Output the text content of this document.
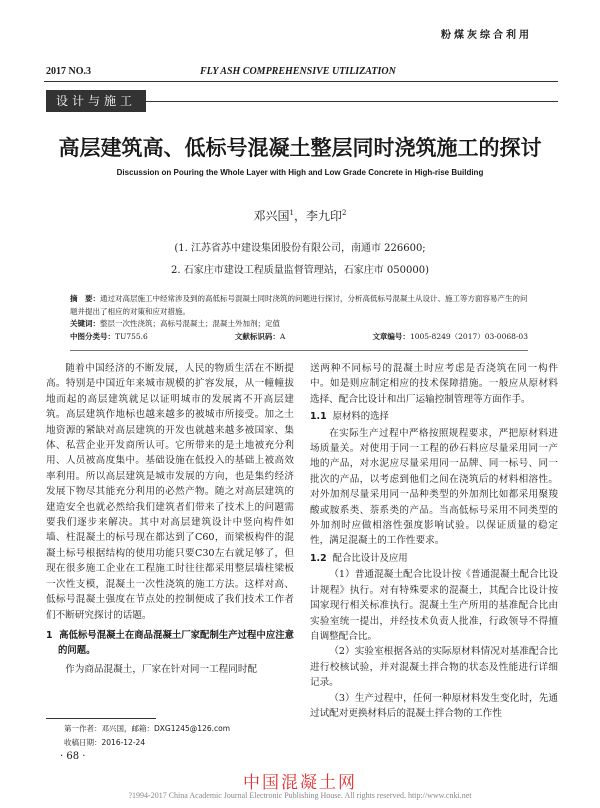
粉煤灰综合利用
2017 NO.3	FLY ASH COMPREHENSIVE UTILIZATION
设计与施工
高层建筑高、低标号混凝土整层同时浇筑施工的探讨
Discussion on Pouring the Whole Layer with High and Low Grade Concrete in High-rise Building
邓兴国$^1$，李九印$^2$
(1. 江苏省苏中建设集团股份有限公司，南通市 226600;
2. 石家庄市建设工程质量监督管理站，石家庄市 050000)
摘　要：通过对高层施工中经常涉及到的高低标号混凝土同时浇筑的问题进行探讨，分析高低标号混凝土从设计、施工等方面容易产生的问题并提出了相应的对策和应对措施。
关键词：整层一次性浇筑；高标号混凝土；混凝土外加剂；定值
中图分类号：TU755.6	文献标识码：A	文章编号：1005-8249（2017）03-0068-03

随着中国经济的不断发展，人民的物质生活在不断提高。特别是中国近年来城市规模的扩容发展，从一幢幢拔地而起的高层建筑就足以证明城市的发展离不开高层建筑。高层建筑作地标也越来越多的被城市所接受。加之土地资源的紧缺对高层建筑的开发也就越来越多被国家、集体、私营企业开发商所认可。它所带来的是土地被充分利用、人员被高度集中。基础设施在低投入的基础上被高效率利用。所以高层建筑是城市发展的方向，也是集约经济发展下物尽其能充分利用的必然产物。随之对高层建筑的建造安全也就必然给我们建筑者们带来了技术上的问题需要我们逐步来解决。其中对高层建筑设计中竖向构件如墙、柱混凝土的标号现在都达到了C60，而梁板构件的混凝土标号根据结构的使用功能只要C30左右就足够了，但现在很多施工企业在工程施工时往往都采用整层墙柱梁板一次性支模，混凝土一次性浇筑的施工方法。这样对高、低标号混凝土强度在节点处的控制便成了我们技术工作者们不断研究探讨的话题。

1 高低标号混凝土在商品混凝土厂家配制生产过程中应注意的问题。

作为商品混凝土，厂家在针对同一工程同时配

送两种不同标号的混凝土时应考虑是否浇筑在同一构件中。如是则应制定相应的技术保障措施。一般应从原材料选择、配合比设计和出厂运输控制管理等方面作手。

1.1 原材料的选择

在实际生产过程中严格按照规程要求，严把原材料进场质量关。对使用于同一工程的砂石料应尽量采用同一产地的产品，对水泥应尽量采用同一品牌、同一标号、同一批次的产品，以考虑到他们之间在浇筑后的材料相溶性。对外加剂尽量采用同一品种类型的外加剂比如都采用聚羧酸或胺系类、萘系类的产品。当高低标号采用不同类型的外加剂时应做相溶性强度影响试验。以保证质量的稳定性，满足混凝土的工作性要求。

1.2 配合比设计及应用

（1）普通混凝土配合比设计按《普通混凝土配合比设计规程》执行。对有特殊要求的混凝土，其配合比设计按国家现行相关标准执行。混凝土生产所用的基准配合比由实验室统一提出，并经技术负责人批准，行政领导不得擅自调整配合比。

（2）实验室根据各站的实际原材料情况对基准配合比进行校核试验，并对混凝土拌合物的状态及性能进行详细记录。

（3）生产过程中，任何一种原材料发生变化时，先通过试配对更换材料后的混凝土拌合物的工作性

第一作者：邓兴国，邮箱：DXG1245@126.com
收稿日期：2016-12-24
· 68 ·
中国混凝土网
?1994-2017 China Academic Journal Electronic Publishing House. All rights reserved. http://www.cnki.net
